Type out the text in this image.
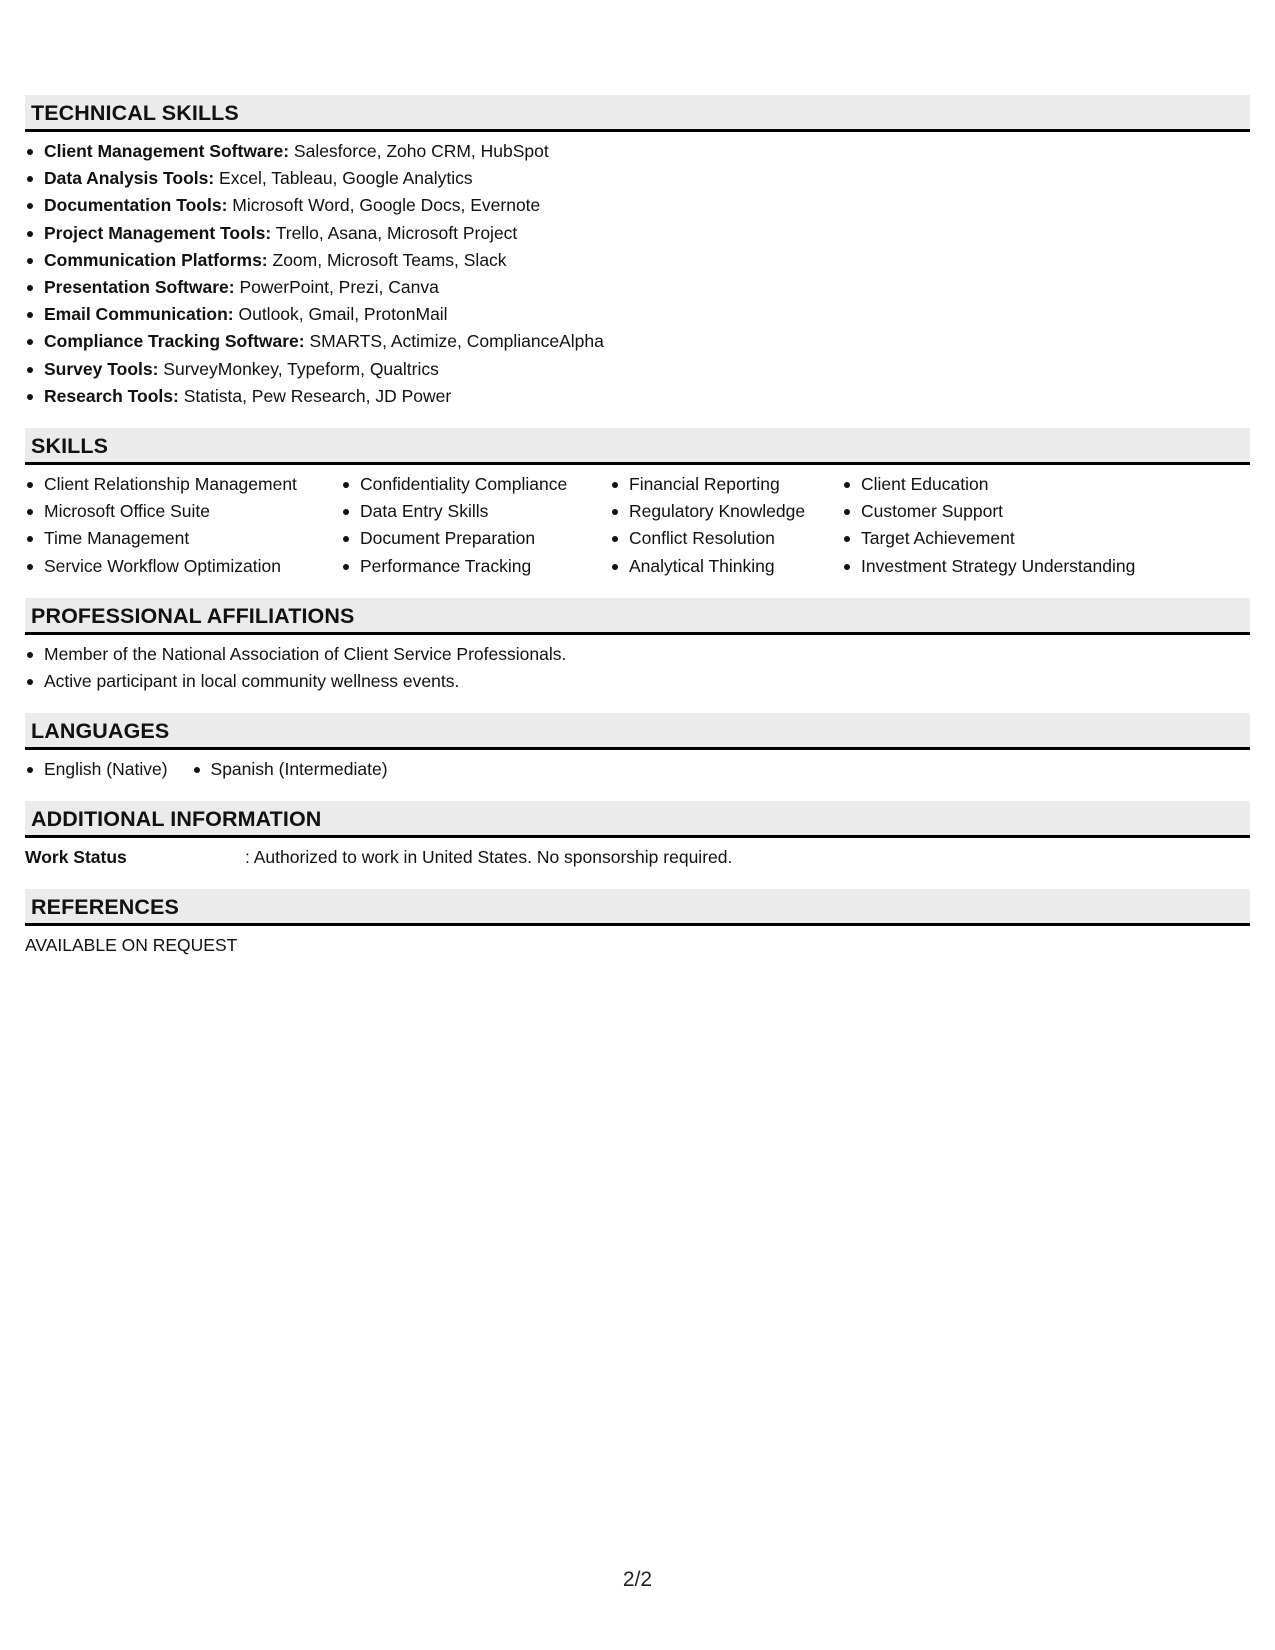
TECHNICAL SKILLS
Client Management Software: Salesforce, Zoho CRM, HubSpot
Data Analysis Tools: Excel, Tableau, Google Analytics
Documentation Tools: Microsoft Word, Google Docs, Evernote
Project Management Tools: Trello, Asana, Microsoft Project
Communication Platforms: Zoom, Microsoft Teams, Slack
Presentation Software: PowerPoint, Prezi, Canva
Email Communication: Outlook, Gmail, ProtonMail
Compliance Tracking Software: SMARTS, Actimize, ComplianceAlpha
Survey Tools: SurveyMonkey, Typeform, Qualtrics
Research Tools: Statista, Pew Research, JD Power
SKILLS
Client Relationship Management
Microsoft Office Suite
Time Management
Service Workflow Optimization
Confidentiality Compliance
Data Entry Skills
Document Preparation
Performance Tracking
Financial Reporting
Regulatory Knowledge
Conflict Resolution
Analytical Thinking
Client Education
Customer Support
Target Achievement
Investment Strategy Understanding
PROFESSIONAL AFFILIATIONS
Member of the National Association of Client Service Professionals.
Active participant in local community wellness events.
LANGUAGES
English (Native)	Spanish (Intermediate)
ADDITIONAL INFORMATION
Work Status	: Authorized to work in United States. No sponsorship required.
REFERENCES
AVAILABLE ON REQUEST
2/2
